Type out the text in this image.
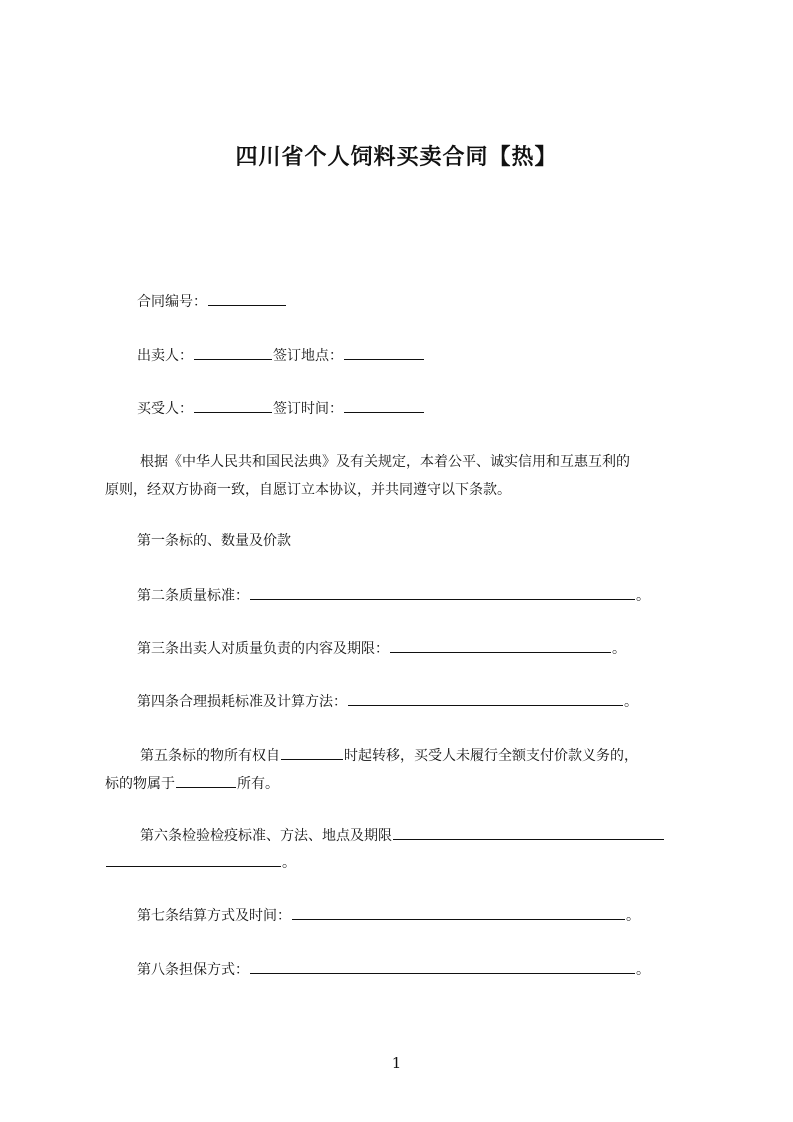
四川省个人饲料买卖合同【热】
合同编号：
出卖人：	签订地点：
买受人：	签订时间：
根据《中华人民共和国民法典》及有关规定，本着公平、诚实信用和互惠互利的
原则，经双方协商一致，自愿订立本协议，并共同遵守以下条款。
第一条标的、数量及价款
第二条质量标准：	。
第三条出卖人对质量负责的内容及期限：	。
第四条合理损耗标准及计算方法：	。
第五条标的物所有权自	时起转移，买受人未履行全额支付价款义务的，
标的物属于	所有。
第六条检验检疫标准、方法、地点及期限
。
第七条结算方式及时间：	。
第八条担保方式：	。
1
